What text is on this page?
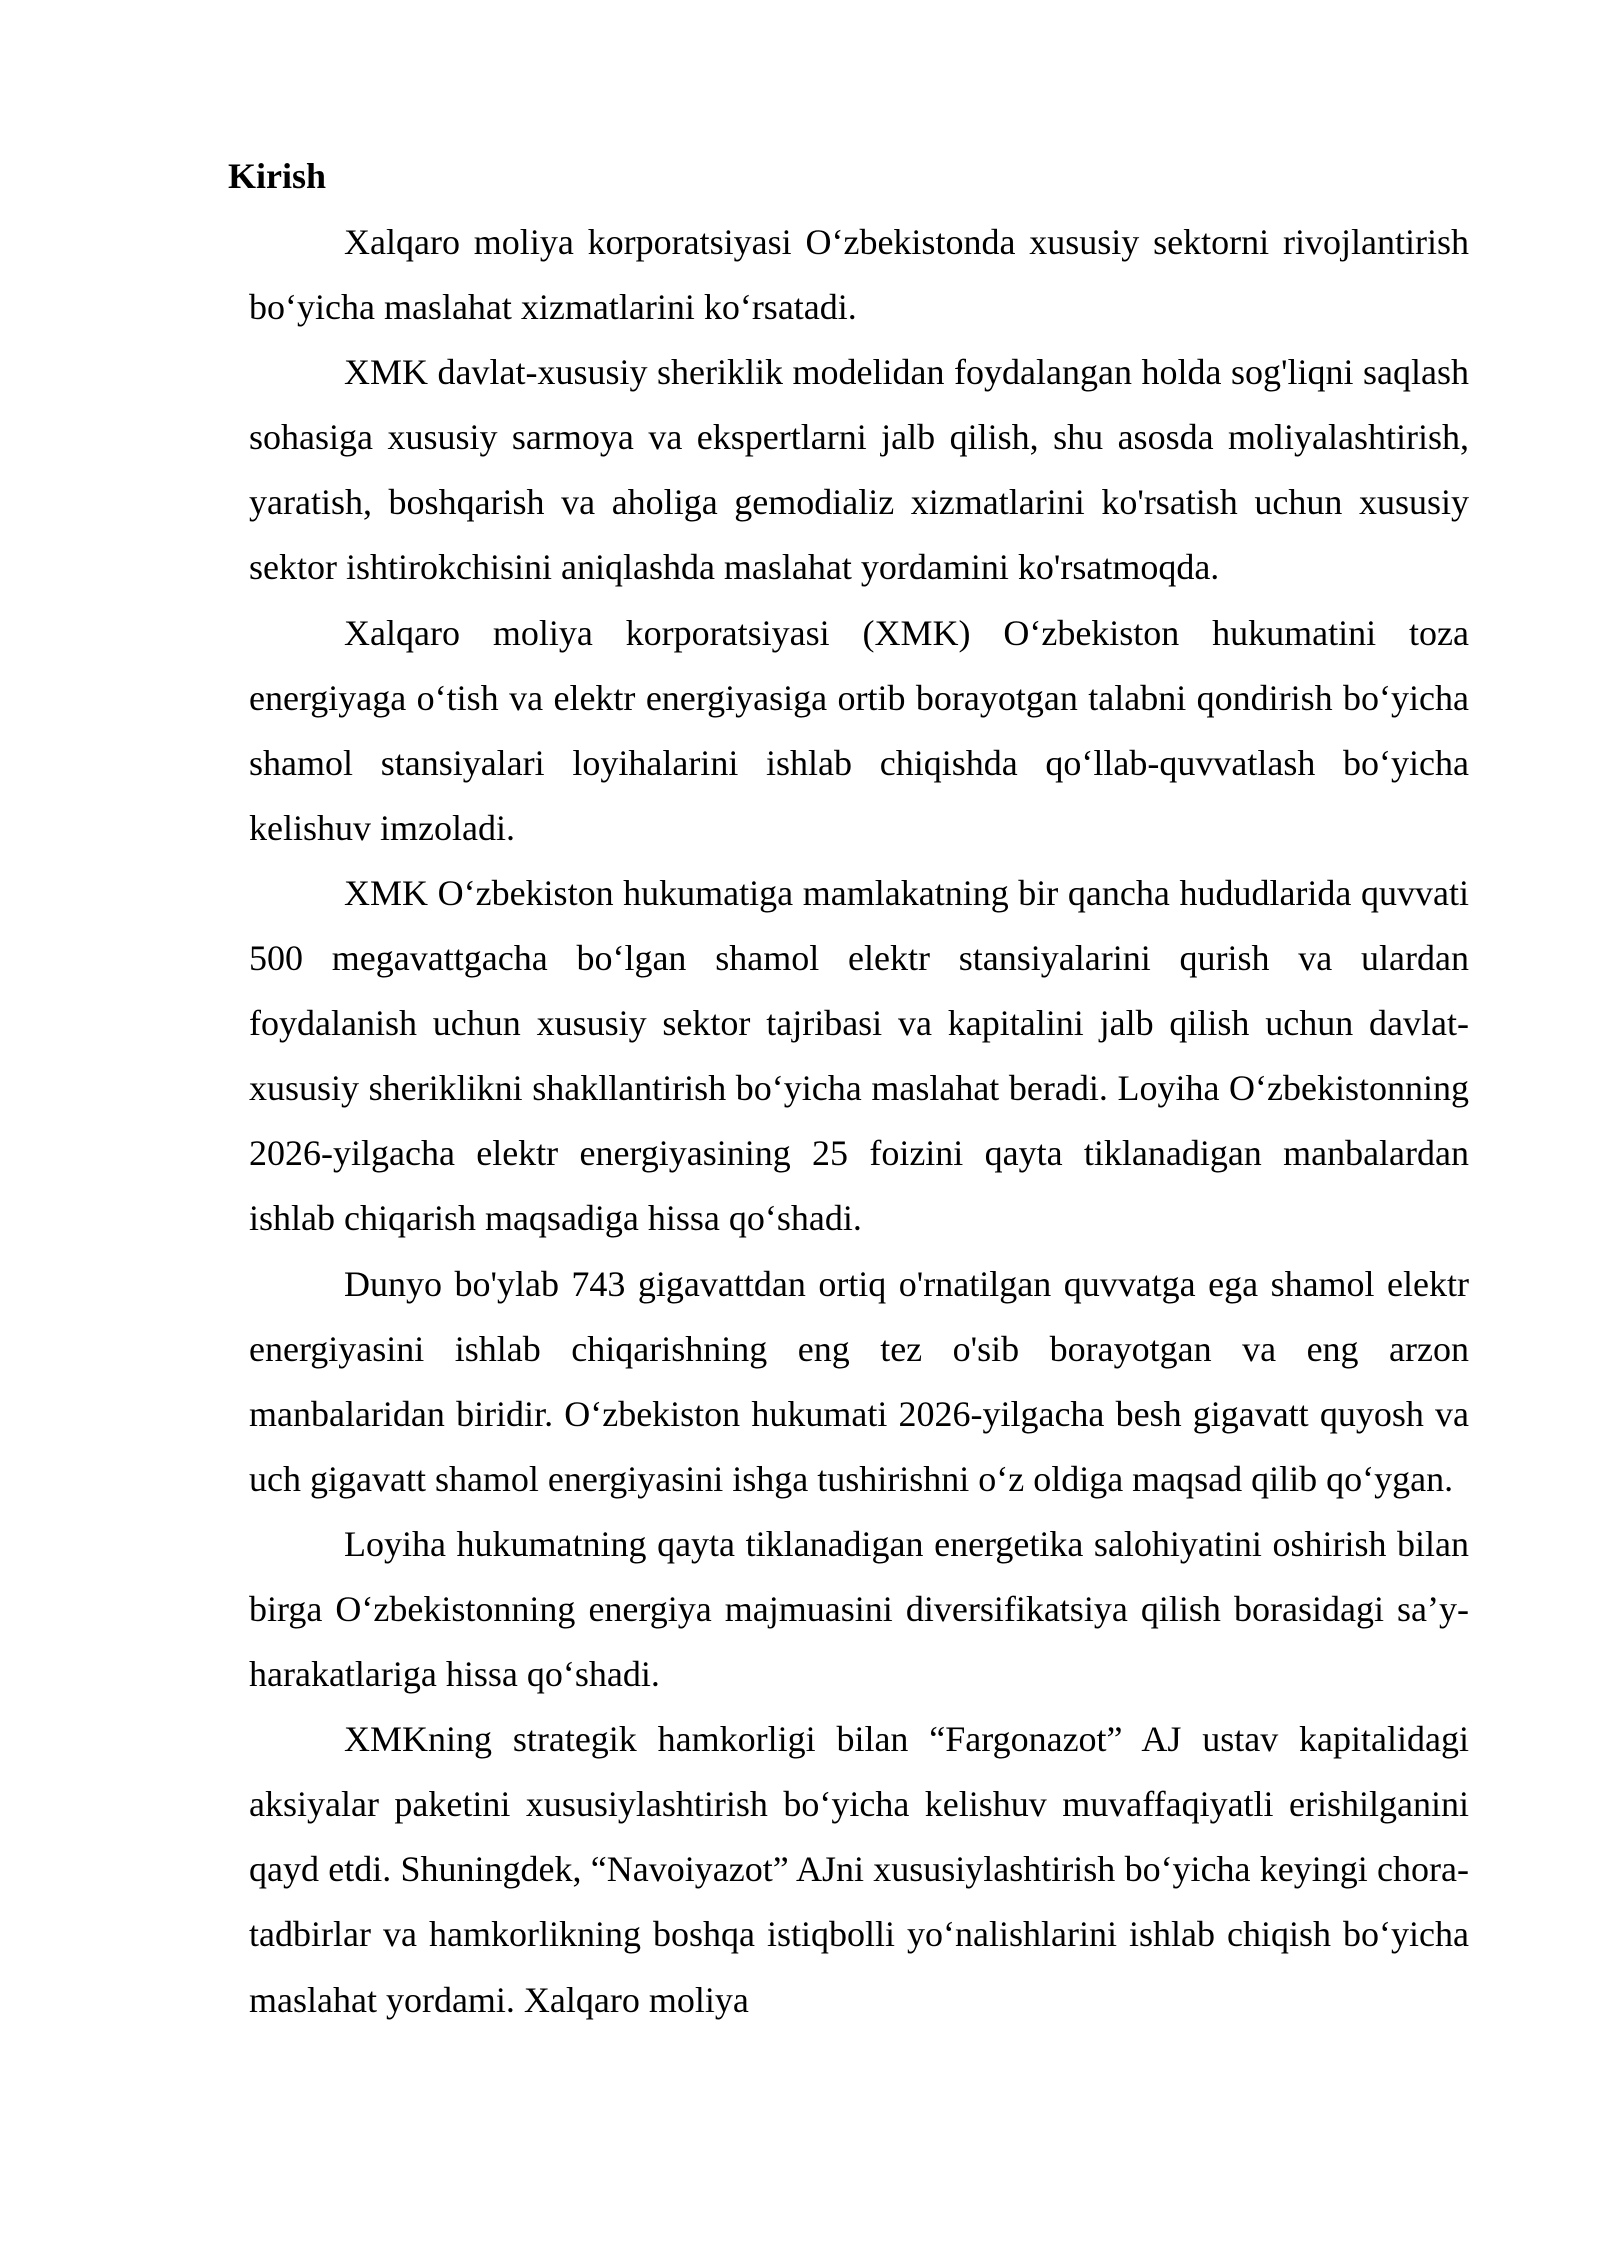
Kirish

Xalqaro moliya korporatsiyasi O‘zbekistonda xususiy sektorni rivojlantirish bo‘yicha maslahat xizmatlarini ko‘rsatadi.

XMK davlat-xususiy sheriklik modelidan foydalangan holda sog'liqni saqlash sohasiga xususiy sarmoya va ekspertlarni jalb qilish, shu asosda moliyalashtirish, yaratish, boshqarish va aholiga gemodializ xizmatlarini ko'rsatish uchun xususiy sektor ishtirokchisini aniqlashda maslahat yordamini ko'rsatmoqda.

Xalqaro moliya korporatsiyasi (XMK) O‘zbekiston hukumatini toza energiyaga o‘tish va elektr energiyasiga ortib borayotgan talabni qondirish bo‘yicha shamol stansiyalari loyihalarini ishlab chiqishda qo‘llab-quvvatlash bo‘yicha kelishuv imzoladi.

XMK O‘zbekiston hukumatiga mamlakatning bir qancha hududlarida quvvati 500 megavattgacha bo‘lgan shamol elektr stansiyalarini qurish va ulardan foydalanish uchun xususiy sektor tajribasi va kapitalini jalb qilish uchun davlat-xususiy sheriklikni shakllantirish bo‘yicha maslahat beradi. Loyiha O‘zbekistonning 2026-yilgacha elektr energiyasining 25 foizini qayta tiklanadigan manbalardan ishlab chiqarish maqsadiga hissa qo‘shadi.

Dunyo bo'ylab 743 gigavattdan ortiq o'rnatilgan quvvatga ega shamol elektr energiyasini ishlab chiqarishning eng tez o'sib borayotgan va eng arzon manbalaridan biridir. O‘zbekiston hukumati 2026-yilgacha besh gigavatt quyosh va uch gigavatt shamol energiyasini ishga tushirishni o‘z oldiga maqsad qilib qo‘ygan.

Loyiha hukumatning qayta tiklanadigan energetika salohiyatini oshirish bilan birga O‘zbekistonning energiya majmuasini diversifikatsiya qilish borasidagi sa’y-harakatlariga hissa qo‘shadi.

XMKning strategik hamkorligi bilan “Fargonazot” AJ ustav kapitalidagi aksiyalar paketini xususiylashtirish bo‘yicha kelishuv muvaffaqiyatli erishilganini qayd etdi. Shuningdek, “Navoiyazot” AJni xususiylashtirish bo‘yicha keyingi chora-tadbirlar va hamkorlikning boshqa istiqbolli yo‘nalishlarini ishlab chiqish bo‘yicha maslahat yordami. Xalqaro moliya
